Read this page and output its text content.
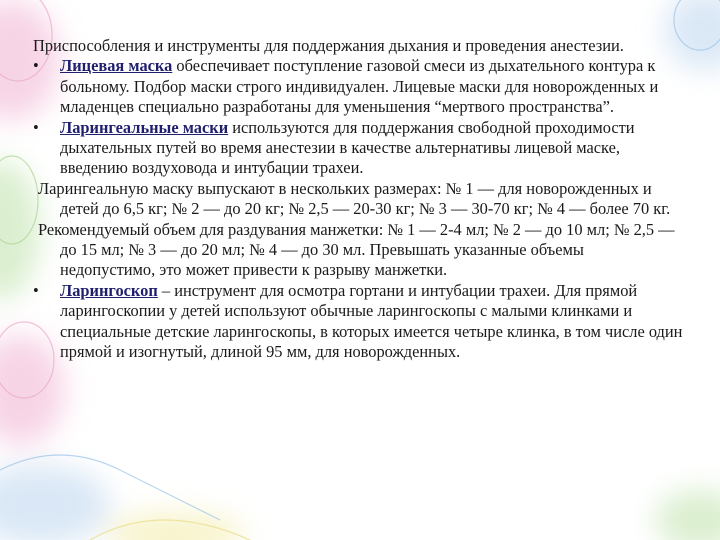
Приспособления и инструменты для поддержания дыхания и проведения анестезии.
• Лицевая маска обеспечивает поступление газовой смеси из дыхательного контура к больному. Подбор маски строго индивидуален. Лицевые маски для новорожденных и младенцев специально разработаны для уменьшения “мертвого пространства”.
• Ларингеальные маски используются для поддержания свободной проходимости дыхательных путей во время анестезии в качестве альтернативы лицевой маске, введению воздуховода и интубации трахеи.
Ларингеальную маску выпускают в нескольких размерах: № 1 — для новорожденных и детей до 6,5 кг; № 2 — до 20 кг; № 2,5 — 20-30 кг; № 3 — 30-70 кг; № 4 — более 70 кг.
Рекомендуемый объем для раздувания манжетки: № 1 — 2-4 мл; № 2 — до 10 мл; № 2,5 — до 15 мл; № 3 — до 20 мл; № 4 — до 30 мл. Превышать указанные объемы недопустимо, это может привести к разрыву манжетки.
• Ларингоскоп – инструмент для осмотра гортани и интубации трахеи. Для прямой ларингоскопии у детей используют обычные ларингоскопы с малыми клинками и специальные детские ларингоскопы, в которых имеется четыре клинка, в том числе один прямой и изогнутый, длиной 95 мм, для новорожденных.
